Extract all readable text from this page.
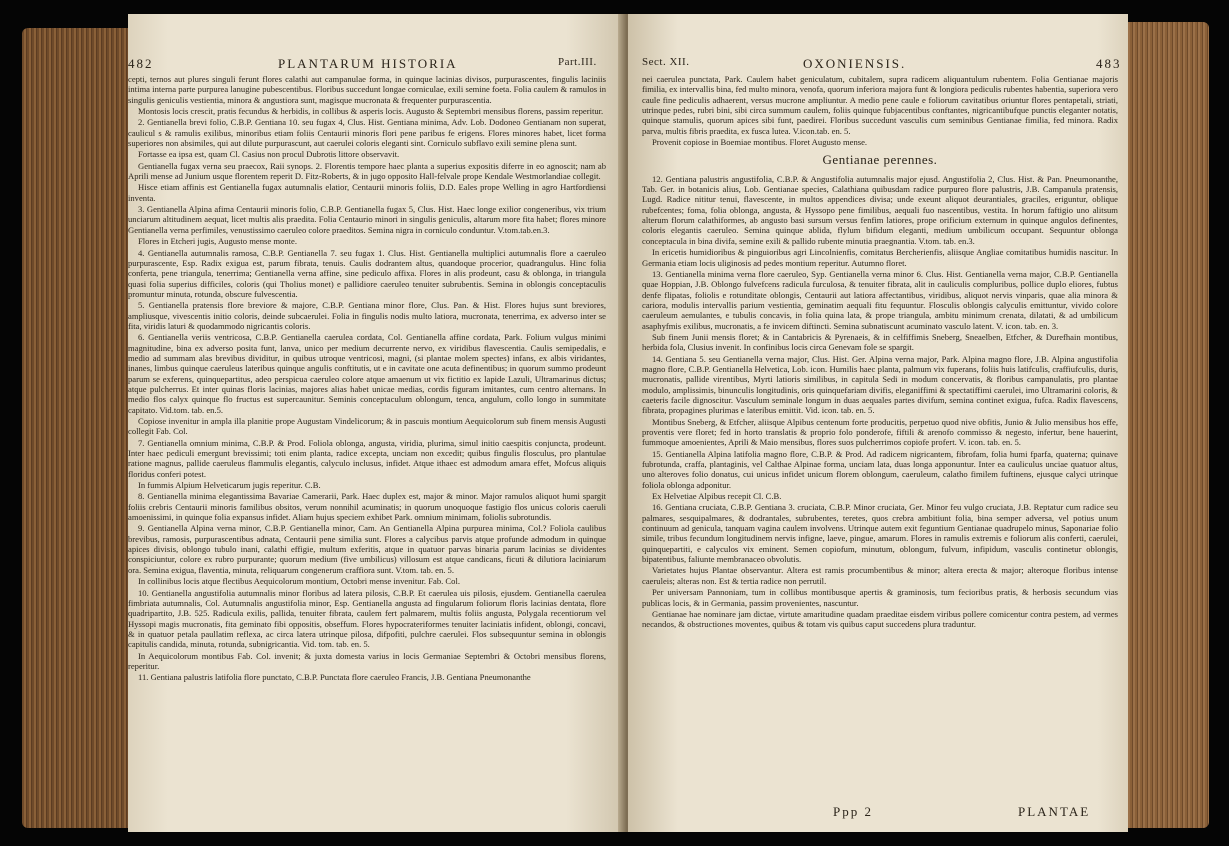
482	PLANTARUM HISTORIA	Part.III.

cepti, ternos aut plures singuli ferunt flores calathi aut campanulae forma, in quinque lacinias divisos, purpurascentes, fingulis laciniis intima interna parte purpurea lanugine pubescentibus. Floribus succedunt longae corniculae, exili semine foeta. Folia caulem & ramulos in singulis geniculis vestientia, minora & angustiora sunt, magisque mucronata & frequenter purpurascentia.

Montosis locis crescit, pratis fecundus & herbidis, in collibus & asperis locis. Augusto & Septembri mensibus florens, passim reperitur.

2. Gentianella brevi folio, C.B.P. Gentiana 10. seu fugax 4, Clus. Hist. Gentiana minima, Adv. Lob. Dodoneo Gentianam non superat, caulicul s & ramulis exilibus, minoribus etiam foliis Centaurii minoris flori pene paribus fe erigens. Flores minores habet, licet forma superiores non absimiles, qui aut dilute purpurascunt, aut caerulei coloris eleganti sint. Corniculo subflavo exili semine plena sunt.

Fortasse ea ipsa est, quam Cl. Casius non procul Dubrotis littore observavit.

Gentianella fugax verna seu praecox, Raii synops. 2. Florentis tempore haec planta a superius expositis diferre in eo agnoscit; nam ab Aprili mense ad Junium usque florentem reperit D. Fitz-Roberts, & in jugo opposito Hall-felvale prope Kendale Westmorlandiae collegit.

Hisce etiam affinis est Gentianella fugax autumnalis elatior, Centaurii minoris foliis, D.D. Eales prope Welling in agro Hartfordiensi inventa.

3. Gentianella Alpina afima Centaurii minoris folio, C.B.P. Gentianella fugax 5, Clus. Hist. Haec longe exilior congeneribus, vix trium unciarum altitudinem aequat, licet multis alis praedita. Folia Centaurio minori in singulis geniculis, altarum more fita habet; flores minore Gentianella verna perfimiles, venustissimo caeruleo colore praeditos. Semina nigra in corniculo conduntur. V.tom.tab.en.3.

Flores in Etcheri jugis, Augusto mense monte.

4. Gentianella autumnalis ramosa, C.B.P. Gentianella 7. seu fugax 1. Clus. Hist. Gentianella multiplici autumnalis flore a caeruleo purpurascente, Esp. Radix exigua est, parum fibrata, tenuis. Caulis dodrantem altus, quandoque procerior, quadrangulus. Hinc folia conferta, pene triangula, tenerrima; Gentianella verna affine, sine pediculo affixa. Flores in alis prodeunt, casu & oblonga, in triangula quasi folia superius difficiles, coloris (qui Tholius monet) e pallidiore caeruleo tenuiter subrubentis. Semina in oblongis conceptaculis promuntur minuta, rotunda, obscure fulvescentia.

5. Gentianella pratensis flore breviore & majore, C.B.P. Gentiana minor flore, Clus. Pan. & Hist. Flores hujus sunt breviores, ampliusque, vivescentis initio coloris, deinde subcaerulei. Folia in fingulis nodis multo latiora, mucronata, tenerrima, ex adverso inter se fita, viridis laturi & quodammodo nigricantis coloris.

6. Gentianella veriis ventricosa, C.B.P. Gentianella caerulea cordata, Col. Gentianella affine cordata, Park. Folium vulgus minimi magnitudine, bina ex adverso posita funt, lanva, unico per medium decurrente nervo, ex viridibus flavescentia. Caulis semipedalis, e medio ad summam alas brevibus dividitur, in quibus utroque ventricosi, magni, (si plantae molem spectes) infans, ex albis viridantes, inanes, limbus quinque caeruleus lateribus quinque angulis conftitutis, ut e in cavitate one acuta definentibus; in quorum summo prodeunt parum se exferens, quinquepartitus, adeo perspicua caeruleo colore atque amaenum ut vix fictitio ex lapide Lazuli, Ultramarinus dictus; atque pulcherrus. Et inter quinas floris lacinias, majores alias habet unicae medias, cordis figuram imitantes, cum centro alternans. In medio flos calyx quinque flo fructus est supercaunitur. Seminis conceptaculum oblongum, tenca, angulum, collo longo in summitate capitato. Vid.tom. tab. en.5.

Copiose invenitur in ampla illa planitie prope Augustam Vindelicorum; & in pascuis montium Aequicolorum sub finem mensis Augusti collegit Fab. Col.

7. Gentianella omnium minima, C.B.P. & Prod. Foliola oblonga, angusta, viridia, plurima, simul initio caespitis conjuncta, prodeunt. Inter haec pediculi emergunt brevissimi; toti enim planta, radice excepta, unciam non excedit; quibus fingulis flosculus, pro plantulae ratione magnus, pallide caeruleus flammulis elegantis, calyculo inclusus, infidet. Atque ithaec est admodum amara effet, Mofcus aliquis floridus conferi potest.

In fummis Alpium Helveticarum jugis reperitur. C.B.

8. Gentianella minima elegantissima Bavariae Camerarii, Park. Haec duplex est, major & minor. Major ramulos aliquot humi spargit foliis crebris Centaurii minoris familibus obsitos, verum nonnihil acuminatis; in quorum unoquoque fastigio flos unicus coloris caeruli amoenissimi, in quinque folia expansus infidet. Aliam hujus speciem exhibet Park. omnium minimam, foliolis subrotundis.

9. Gentianella Alpina verna minor, C.B.P. Gentianella minor, Cam. An Gentianella Alpina purpurea minima, Col.? Foliola caulibus brevibus, ramosis, purpurascentibus adnata, Centaurii pene similia sunt. Flores a calycibus parvis atque profunde admodum in quinque apices divisis, oblongo tubulo inani, calathi effigie, multum exferitis, atque in quatuor parvas binaria parum lacinias se dividentes conspiciuntur, colore ex rubro purpurante; quorum medium (five umbilicus) villosum est atque candicans, ficuti & dilutiora laciniarum ora. Semina exigua, flaventia, minuta, reliquarum congenerum craffiora sunt. V.tom. tab. en. 5.

In collinibus locis atque flectibus Aequicolorum montium, Octobri mense invenitur. Fab. Col.

10. Gentianella angustifolia autumnalis minor floribus ad latera pilosis, C.B.P. Et caerulea uis pilosis, ejusdem. Gentianella caerulea fimbriata autumnalis, Col. Autumnalis angustifolia minor, Esp. Gentianella angusta ad fingularum foliorum floris lacinias dentata, flore quadripartito, J.B. 525. Radicula exilis, pallida, tenuiter fibrata, caulem fert palmarem, multis foliis angusta, Polygala recentiorum vel Hyssopi magis mucronatis, fita geminato fibi oppositis, obseffum. Flores hypocrateriformes tenuiter laciniatis infident, oblongi, concavi, & in quatuor petala paullatim reflexa, ac circa latera utrinque pilosa, difpofiti, pulchre caerulei. Flos subsequuntur semina in oblongis capitulis candida, minuta, rotunda, subnigricantia. Vid. tom. tab. en. 5.

In Aequicolorum montibus Fab. Col. invenit; & juxta domesta varius in locis Germaniae Septembri & Octobri mensibus florens, reperitur.

11. Gentiana palustris latifolia flore punctato, C.B.P. Punctata flore caeruleo Francis, J.B. Gentiana Pneumonanthe

Sect. XII.	OXONIENSIS.	483

nei caerulea punctata, Park. Caulem habet geniculatum, cubitalem, supra radicem aliquantulum rubentem. Folia Gentianae majoris fimilia, ex intervallis bina, fed multo minora, venofa, quorum inferiora majora funt & longiora pediculis rubentes habentia, superiora vero caule fine pediculis adhaerent, versus mucrone ampliuntur. A medio pene caule e foliorum cavitatibus oriuntur flores pentapetali, striati, utrinque pedes, rubri bini, sibi circa summum caulem, foliis quinque fubjacentibus conftantes, nigricantibufque punctis eleganter notatis, quinque stamulis, quorum apices sibi funt, paedirei. Floribus succedunt vasculis cum seminibus Gentianae fimilia, fed minora. Radix parva, multis fibris praedita, ex fusca lutea. V.icon.tab. en. 5.

Provenit copiose in Boemiae montibus. Floret Augusto mense.

Gentianae perennes.

12. Gentiana palustris angustifolia, C.B.P. & Angustifolia autumnalis major ejusd. Angustifolia 2, Clus. Hist. & Pan. Pneumonanthe, Tab. Ger. in botanicis alius, Lob. Gentianae species, Calathiana quibusdam radice purpureo flore palustris, J.B. Campanula pratensis, Lugd. Radice nititur tenui, flavescente, in multos appendices divisa; unde exeunt aliquot deurantiales, graciles, eriguntur, oblique rubefcentes; foma, folia oblonga, angusta, & Hyssopo pene fimilibus, aequali fuo nascentibus, vestita. In horum faftigio uno alitsum alterum florum calathiformes, ab angusto basi sursum versus fenfim latiores, prope orificium externum in quinque angulos definentes, coloris elegantis caeruleo. Semina quinque ablida, flylum bifidum eleganti, medium umbilicum occupant. Sequuntur oblonga conceptacula in bina divifa, semine exili & pallido rubente minutia praegnantia. V.tom. tab. en.3.

In ericetis humidioribus & pinguioribus agri Lincolnienfis, comitatus Bercherienfis, aliisque Angliae comitatibus humidis nascitur. In Germania etiam locis uliginosis ad pedes montium reperitur. Autumno floret.

13. Gentianella minima verna flore caeruleo, Syp. Gentianella verna minor 6. Clus. Hist. Gentianella verna major, C.B.P. Gentianella quae Hoppian, J.B. Oblongo fulvefcens radicula furculosa, & tenuiter fibrata, alit in cauliculis compluribus, pollice duplo eliores, fubtus denfe flipatas, foliolis e rotunditate oblongis, Centaurii aut latiora affectantibus, viridibus, aliquot nervis vinparis, quae alia minora & cariora, modulis intervallis parium vestientia, geminatim aequali fitu fequuntur. Flosculis oblongis calyculis emittuntur, vivido colore caeruleum aemulantes, e tubulis concavis, in folia quina lata, & prope triangula, ambitu minimum crenata, dilatati, & ad umbilicum asaphyfmis exilibus, mucronatis, a fe invicem diftincti. Semina subnatiscunt acuminato vasculo latent. V. icon. tab. en. 3.

Sub finem Junii mensis floret; & in Cantabricis & Pyrenaeis, & in celfiffimis Sneberg, Sneaelben, Etfcher, & Durefhain montibus, herbida fola, Clusius invenit. In confinibus locis circa Genevam fole se spargit.

14. Gentiana 5. seu Gentianella verna major, Clus. Hist. Ger. Alpina verna major, Park. Alpina magno flore, J.B. Alpina angustifolia magno flore, C.B.P. Gentianella Helvetica, Lob. icon. Humilis haec planta, palmum vix fuperans, foliis huis latifculis, craffiufculis, duris, mucronatis, pallide virentibus, Myrti latioris similibus, in capitula Sedi in modum concervatis, & floribus campanulatis, pro plantae modulo, amplissimis, binunculis longitudinis, oris quinquefariam divifis, eleganiffimi & spectatiffimi caerulei, imo Ultramarini coloris, & caeteris facile dignoscitur. Vasculum seminale longum in duas aequales partes divifum, semina continet exigua, fufca. Radix flavescens, fibrata, propagines plurimas e lateribus emittit. Vid. icon. tab. en. 5.

Montibus Sneberg, & Etfcher, aliisque Alpibus centenum forte producitis, perpetuo quod nive obfitis, Junio & Julio mensibus hos effe, proventis vere floret; fed in horto translatis & proprio folo ponderofe, fiftili & arenofo commisso & negesto, infertur, bene hauerint, fummoque amoenientes, Aprili & Maio mensibus, flores suos pulcherrimos copiofe profert. V. icon. tab. en. 5.

15. Gentianella Alpina latifolia magno flore, C.B.P. & Prod. Ad radicem nigricantem, fibrofam, folia humi fparfa, quaterna; quinave fubrotunda, craffa, plantaginis, vel Calthae Alpinae forma, unciam lata, duas longa apponuntur. Inter ea cauliculus unciae quatuor altus, uno alteroves folio donatus, cui unicus infidet unicum florem oblongum, caeruleum, calatho fimilem fuftinens, ejusque calyci utrinque foliola oblonga adponitur.

Ex Helvetiae Alpibus recepit Cl. C.B.

16. Gentiana cruciata, C.B.P. Gentiana 3. cruciata, C.B.P. Minor cruciata, Ger. Minor feu vulgo cruciata, J.B. Reptatur cum radice seu palmares, sesquipalmares, & dodrantales, subrubentes, teretes, quos crebra ambitiunt folia, bina semper adversa, vel potius unum continuum ad genicula, tanquam vagina caulem involvens. Utrinque autem exit feguntium Gentianae quadrupelo minus, Saponariae folio simile, tribus fecundum longitudinem nervis infigne, laeve, pingue, amarum. Flores in ramulis extremis e foliorum alis conferti, caerulei, quinquepartiti, e calyculos vix eminent. Semen copiofum, minutum, oblongum, fulvum, infipidum, vasculis continetur oblongis, bipatentibus, faliunte membranaceo obvolutis.

Varietates hujus Plantae observantur. Altera est ramis procumbentibus & minor; altera erecta & major; alteroque floribus intense caeruleis; alteras non. Est & tertia radice non perrutil.

Per universam Pannoniam, tum in collibus montibusque apertis & graminosis, tum fecioribus pratis, & herbosis secundum vias publicas locis, & in Germania, passim provenientes, nascuntur.

Gentianae hae nominare jam dictae, virtute amaritudine quadam praeditae eisdem viribus pollere comicentur contra pestem, ad vermes necandos, & obstructiones moventes, quibus & totam vis quibus caput succedens plura traduntur.

Ppp 2	PLANTAE
